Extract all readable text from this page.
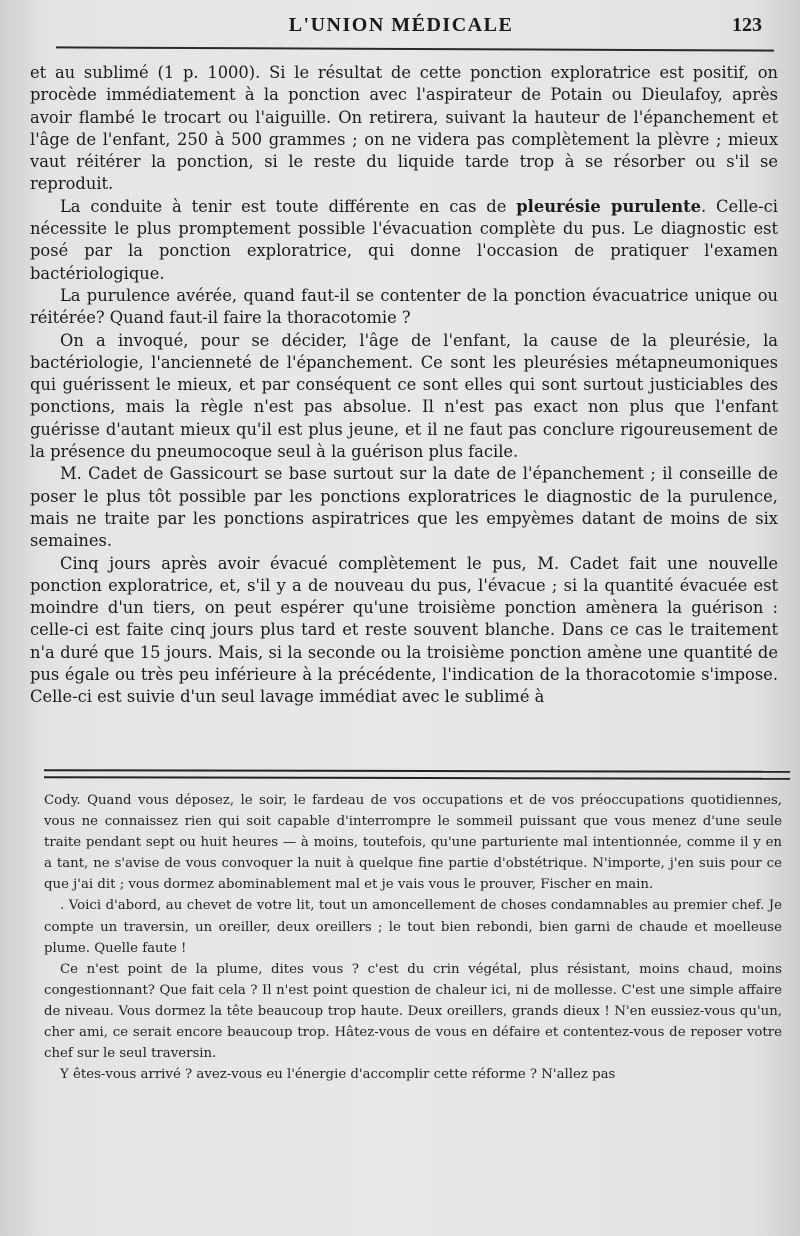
L'UNION MÉDICALE	123

et au sublimé (1 p. 1000). Si le résultat de cette ponction exploratrice est positif, on procède immédiatement à la ponction avec l'aspirateur de Potain ou Dieulafoy, après avoir flambé le trocart ou l'aiguille. On retirera, suivant la hauteur de l'épanchement et l'âge de l'enfant, 250 à 500 grammes ; on ne videra pas complètement la plèvre ; mieux vaut réitérer la ponction, si le reste du liquide tarde trop à se résorber ou s'il se reproduit.

La conduite à tenir est toute différente en cas de pleurésie purulente. Celle-ci nécessite le plus promptement possible l'évacuation complète du pus. Le diagnostic est posé par la ponction exploratrice, qui donne l'occasion de pratiquer l'examen bactériologique.

La purulence avérée, quand faut-il se contenter de la ponction évacuatrice unique ou réitérée? Quand faut-il faire la thoracotomie ?

On a invoqué, pour se décider, l'âge de l'enfant, la cause de la pleurésie, la bactériologie, l'ancienneté de l'épanchement. Ce sont les pleurésies métapneumoniques qui guérissent le mieux, et par conséquent ce sont elles qui sont surtout justiciables des ponctions, mais la règle n'est pas absolue. Il n'est pas exact non plus que l'enfant guérisse d'autant mieux qu'il est plus jeune, et il ne faut pas conclure rigoureusement de la présence du pneumocoque seul à la guérison plus facile.

M. Cadet de Gassicourt se base surtout sur la date de l'épanchement ; il conseille de poser le plus tôt possible par les ponctions exploratrices le diagnostic de la purulence, mais ne traite par les ponctions aspiratrices que les empyèmes datant de moins de six semaines.

Cinq jours après avoir évacué complètement le pus, M. Cadet fait une nouvelle ponction exploratrice, et, s'il y a de nouveau du pus, l'évacue ; si la quantité évacuée est moindre d'un tiers, on peut espérer qu'une troisième ponction amènera la guérison : celle-ci est faite cinq jours plus tard et reste souvent blanche. Dans ce cas le traitement n'a duré que 15 jours. Mais, si la seconde ou la troisième ponction amène une quantité de pus égale ou très peu inférieure à la précédente, l'indication de la thoracotomie s'impose. Celle-ci est suivie d'un seul lavage immédiat avec le sublimé à

Cody. Quand vous déposez, le soir, le fardeau de vos occupations et de vos préoccupations quotidiennes, vous ne connaissez rien qui soit capable d'interrompre le sommeil puissant que vous menez d'une seule traite pendant sept ou huit heures — à moins, toutefois, qu'une parturiente mal intentionnée, comme il y en a tant, ne s'avise de vous convoquer la nuit à quelque fine partie d'obstétrique. N'importe, j'en suis pour ce que j'ai dit ; vous dormez abominablement mal et je vais vous le prouver, Fischer en main.

. Voici d'abord, au chevet de votre lit, tout un amoncellement de choses condamnables au premier chef. Je compte un traversin, un oreiller, deux oreillers ; le tout bien rebondi, bien garni de chaude et moelleuse plume. Quelle faute !

Ce n'est point de la plume, dites vous ? c'est du crin végétal, plus résistant, moins chaud, moins congestionnant? Que fait cela ? Il n'est point question de chaleur ici, ni de mollesse. C'est une simple affaire de niveau. Vous dormez la tête beaucoup trop haute. Deux oreillers, grands dieux ! N'en eussiez-vous qu'un, cher ami, ce serait encore beaucoup trop. Hâtez-vous de vous en défaire et contentez-vous de reposer votre chef sur le seul traversin.

Y êtes-vous arrivé ? avez-vous eu l'énergie d'accomplir cette réforme ? N'allez pas
